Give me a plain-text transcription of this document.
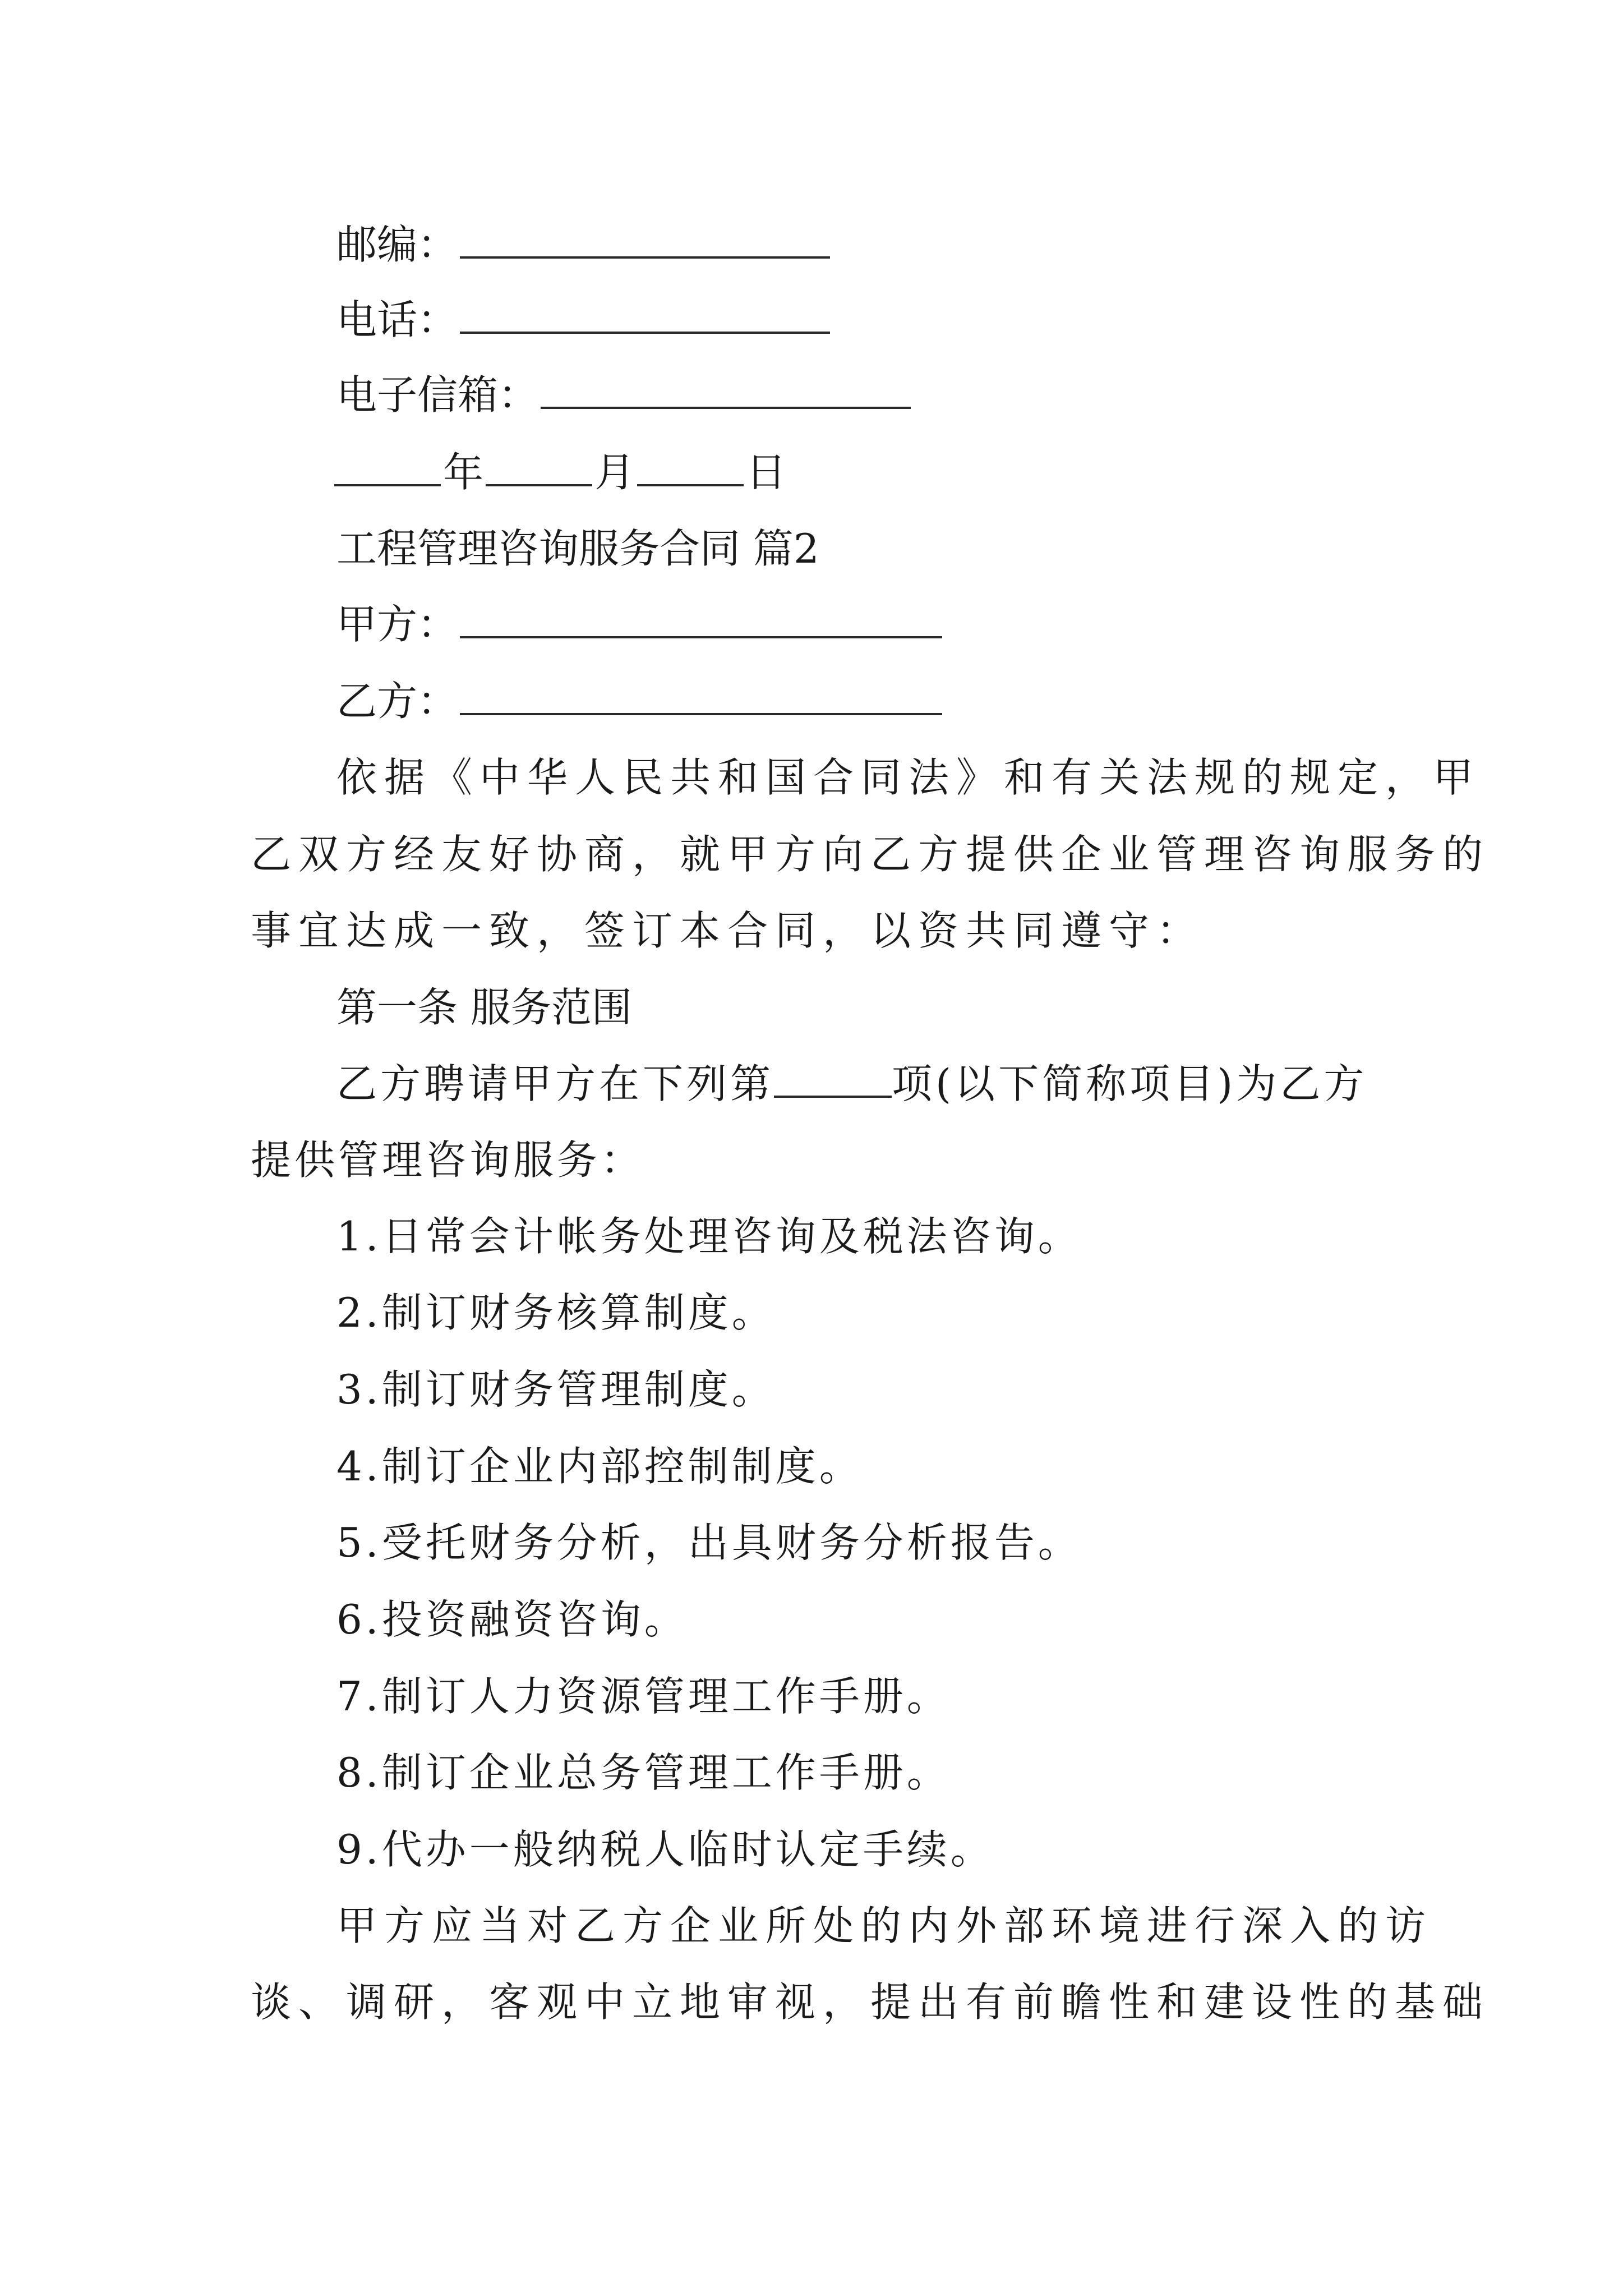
邮编：
电话：
电子信箱：
年	月	日
工程管理咨询服务合同 篇2
甲方：
乙方：
依据《中华人民共和国合同法》和有关法规的规定，甲
乙双方经友好协商，就甲方向乙方提供企业管理咨询服务的
事宜达成一致，签订本合同，以资共同遵守：
第一条 服务范围
乙方聘请甲方在下列第	项(以下简称项目)为乙方
提供管理咨询服务：
1.日常会计帐务处理咨询及税法咨询。
2.制订财务核算制度。
3.制订财务管理制度。
4.制订企业内部控制制度。
5.受托财务分析，出具财务分析报告。
6.投资融资咨询。
7.制订人力资源管理工作手册。
8.制订企业总务管理工作手册。
9.代办一般纳税人临时认定手续。
甲方应当对乙方企业所处的内外部环境进行深入的访
谈、调研，客观中立地审视，提出有前瞻性和建设性的基础
